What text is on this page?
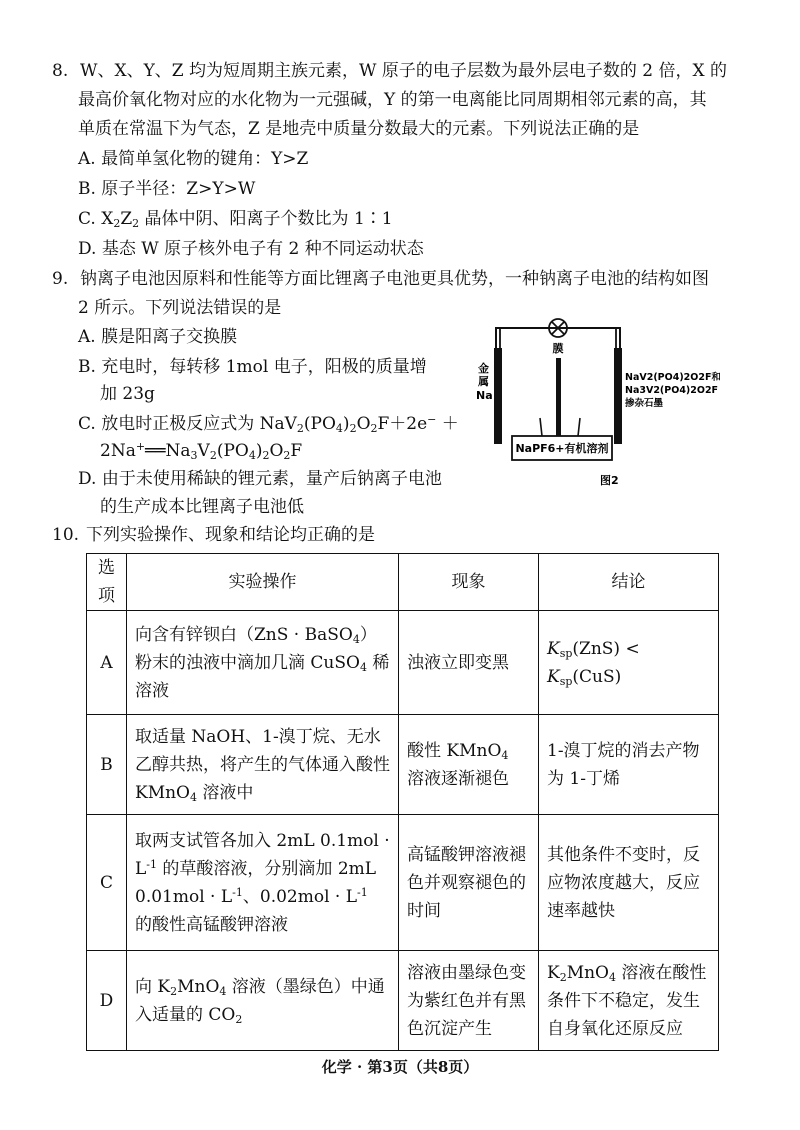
8. W、X、Y、Z 均为短周期主族元素，W 原子的电子层数为最外层电子数的 2 倍，X 的
最高价氧化物对应的水化物为一元强碱，Y 的第一电离能比同周期相邻元素的高，其
单质在常温下为气态，Z 是地壳中质量分数最大的元素。下列说法正确的是
A. 最简单氢化物的键角：Y>Z
B. 原子半径：Z>Y>W
C. $X_2Z_2$ 晶体中阴、阳离子个数比为 1∶1
D. 基态 W 原子核外电子有 2 种不同运动状态
9. 钠离子电池因原料和性能等方面比锂离子电池更具优势，一种钠离子电池的结构如图
2 所示。下列说法错误的是
A. 膜是阳离子交换膜
B. 充电时，每转移 1mol 电子，阳极的质量增
加 23g
C. 放电时正极反应式为 $NaV_2(PO_4)_2O_2F+2e^-$ ＋
$2Na^+══Na_3V_2(PO_4)_2O_2F$
D. 由于未使用稀缺的锂元素，量产后钠离子电池
的生产成本比锂离子电池低
NaPF6+有机溶剂
膜
金
属
Na
NaV2(PO4)2O2F和
Na3V2(PO4)2O2F
掺杂石墨
图2
10. 下列实验操作、现象和结论均正确的是
选项	实验操作	现象	结论
A	向含有锌钡白（ZnS · BaSO$_4$）粉末的浊液中滴加几滴 CuSO$_4$ 稀溶液	浊液立即变黑	$K_{sp}(ZnS) < K_{sp}(CuS)$
B	取适量 NaOH、1-溴丁烷、无水乙醇共热，将产生的气体通入酸性 KMnO$_4$ 溶液中	酸性 KMnO$_4$ 溶液逐渐褪色	1-溴丁烷的消去产物为 1-丁烯
C	取两支试管各加入 2mL $0.1mol \cdot L^{-1}$ 的草酸溶液，分别滴加 2mL $0.01mol \cdot L^{-1}$、$0.02mol \cdot L^{-1}$ 的酸性高锰酸钾溶液	高锰酸钾溶液褪色并观察褪色的时间	其他条件不变时，反应物浓度越大，反应速率越快
D	向 $K_2MnO_4$ 溶液（墨绿色）中通入适量的 $CO_2$	溶液由墨绿色变为紫红色并有黑色沉淀产生	$K_2MnO_4$ 溶液在酸性条件下不稳定，发生自身氧化还原反应
化学 · 第3页（共8页）
